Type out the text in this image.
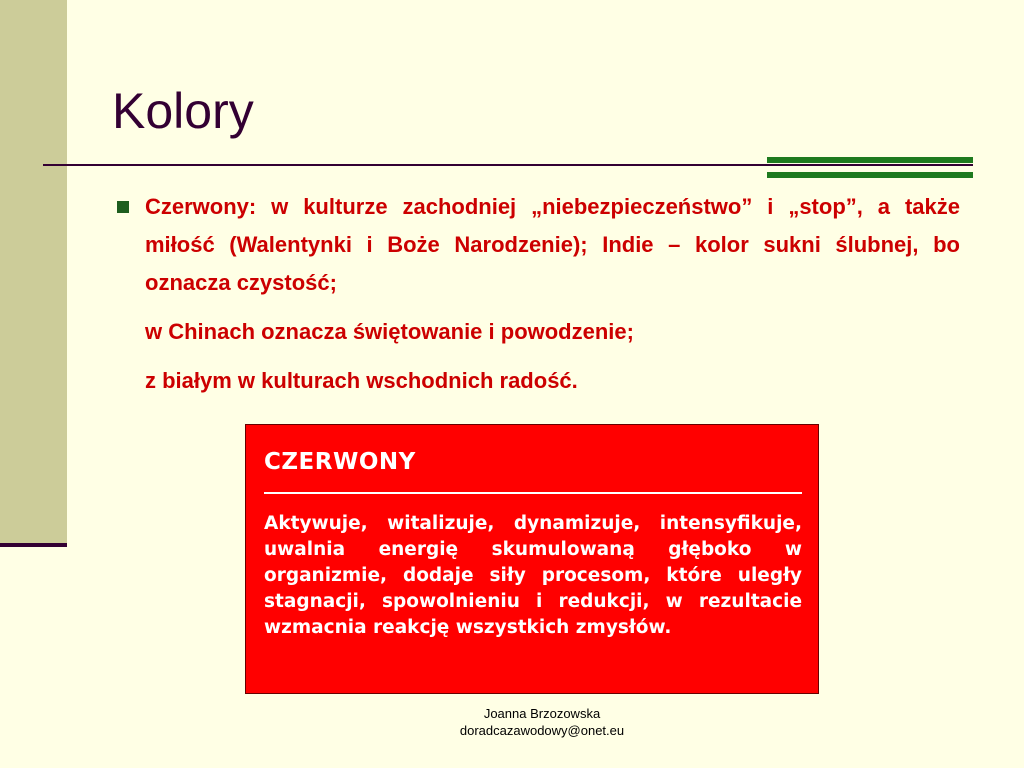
Kolory

Czerwony: w kulturze zachodniej „niebezpieczeństwo” i „stop”, a także miłość (Walentynki i Boże Narodzenie); Indie – kolor sukni ślubnej, bo oznacza czystość;

w Chinach oznacza świętowanie i powodzenie;

z białym w kulturach wschodnich radość.

CZERWONY
Aktywuje, witalizuje, dynamizuje, intensyfikuje, uwalnia energię skumulowaną głęboko w organizmie, dodaje siły procesom, które uległy stagnacji, spowolnieniu i redukcji, w rezultacie wzmacnia reakcję wszystkich zmysłów.
Joanna Brzozowska
doradcazawodowy@onet.eu
